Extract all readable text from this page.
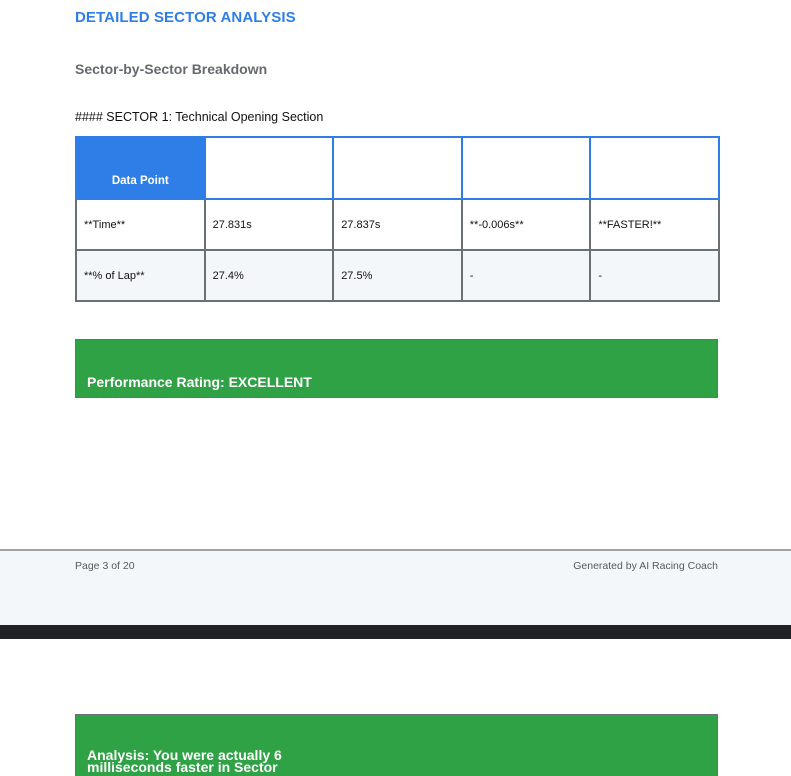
DETAILED SECTOR ANALYSIS
Sector-by-Sector Breakdown
#### SECTOR 1: Technical Opening Section
Data Point				
**Time**	27.831s	27.837s	**-0.006s**	**FASTER!**
**% of Lap**	27.4%	27.5%	-	-
Performance Rating: EXCELLENT
Page 3 of 20	Generated by AI Racing Coach
Analysis: You were actually 6 milliseconds faster in Sector
